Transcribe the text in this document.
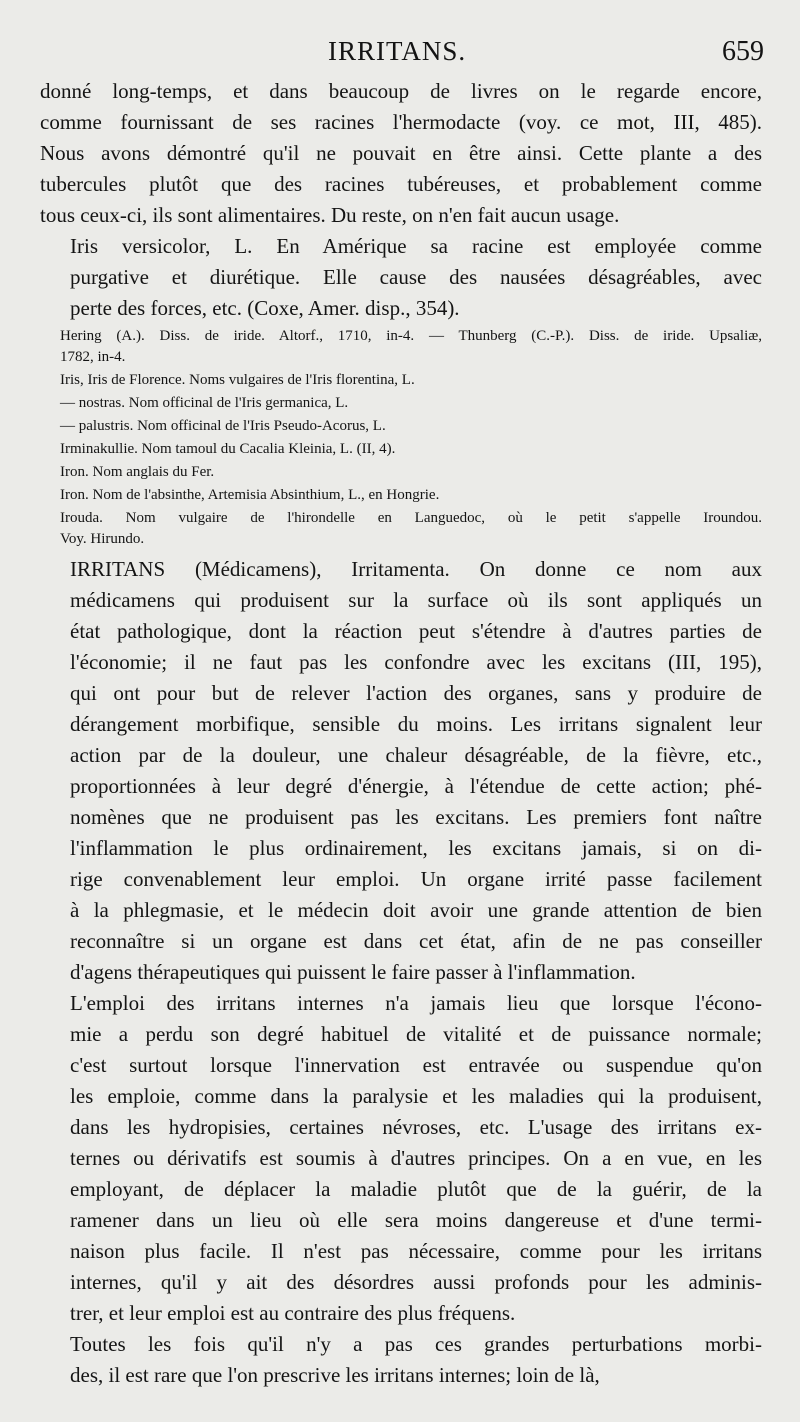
IRRITANS.	659
donné long-temps, et dans beaucoup de livres on le regarde encore,
comme fournissant de ses racines l'hermodacte (voy. ce mot, III, 485).
Nous avons démontré qu'il ne pouvait en être ainsi. Cette plante a des
tubercules plutôt que des racines tubéreuses, et probablement comme
tous ceux-ci, ils sont alimentaires. Du reste, on n'en fait aucun usage.
Iris versicolor, L. En Amérique sa racine est employée comme
purgative et diurétique. Elle cause des nausées désagréables, avec
perte des forces, etc. (Coxe, Amer. disp., 354).
Hering (A.). Diss. de iride. Altorf., 1710, in-4. — Thunberg (C.-P.). Diss. de iride. Upsaliæ,
1782, in-4.
Iris, Iris de Florence. Noms vulgaires de l'Iris florentina, L.
— nostras. Nom officinal de l'Iris germanica, L.
— palustris. Nom officinal de l'Iris Pseudo-Acorus, L.
Irminakullie. Nom tamoul du Cacalia Kleinia, L. (II, 4).
Iron. Nom anglais du Fer.
Iron. Nom de l'absinthe, Artemisia Absinthium, L., en Hongrie.
Irouda. Nom vulgaire de l'hirondelle en Languedoc, où le petit s'appelle Iroundou.
Voy. Hirundo.
IRRITANS (Médicamens), Irritamenta. On donne ce nom aux
médicamens qui produisent sur la surface où ils sont appliqués un
état pathologique, dont la réaction peut s'étendre à d'autres parties de
l'économie; il ne faut pas les confondre avec les excitans (III, 195),
qui ont pour but de relever l'action des organes, sans y produire de
dérangement morbifique, sensible du moins. Les irritans signalent leur
action par de la douleur, une chaleur désagréable, de la fièvre, etc.,
proportionnées à leur degré d'énergie, à l'étendue de cette action; phé-
nomènes que ne produisent pas les excitans. Les premiers font naître
l'inflammation le plus ordinairement, les excitans jamais, si on di-
rige convenablement leur emploi. Un organe irrité passe facilement
à la phlegmasie, et le médecin doit avoir une grande attention de bien
reconnaître si un organe est dans cet état, afin de ne pas conseiller
d'agens thérapeutiques qui puissent le faire passer à l'inflammation.
L'emploi des irritans internes n'a jamais lieu que lorsque l'écono-
mie a perdu son degré habituel de vitalité et de puissance normale;
c'est surtout lorsque l'innervation est entravée ou suspendue qu'on
les emploie, comme dans la paralysie et les maladies qui la produisent,
dans les hydropisies, certaines névroses, etc. L'usage des irritans ex-
ternes ou dérivatifs est soumis à d'autres principes. On a en vue, en les
employant, de déplacer la maladie plutôt que de la guérir, de la
ramener dans un lieu où elle sera moins dangereuse et d'une termi-
naison plus facile. Il n'est pas nécessaire, comme pour les irritans
internes, qu'il y ait des désordres aussi profonds pour les adminis-
trer, et leur emploi est au contraire des plus fréquens.
Toutes les fois qu'il n'y a pas ces grandes perturbations morbi-
des, il est rare que l'on prescrive les irritans internes; loin de là,
